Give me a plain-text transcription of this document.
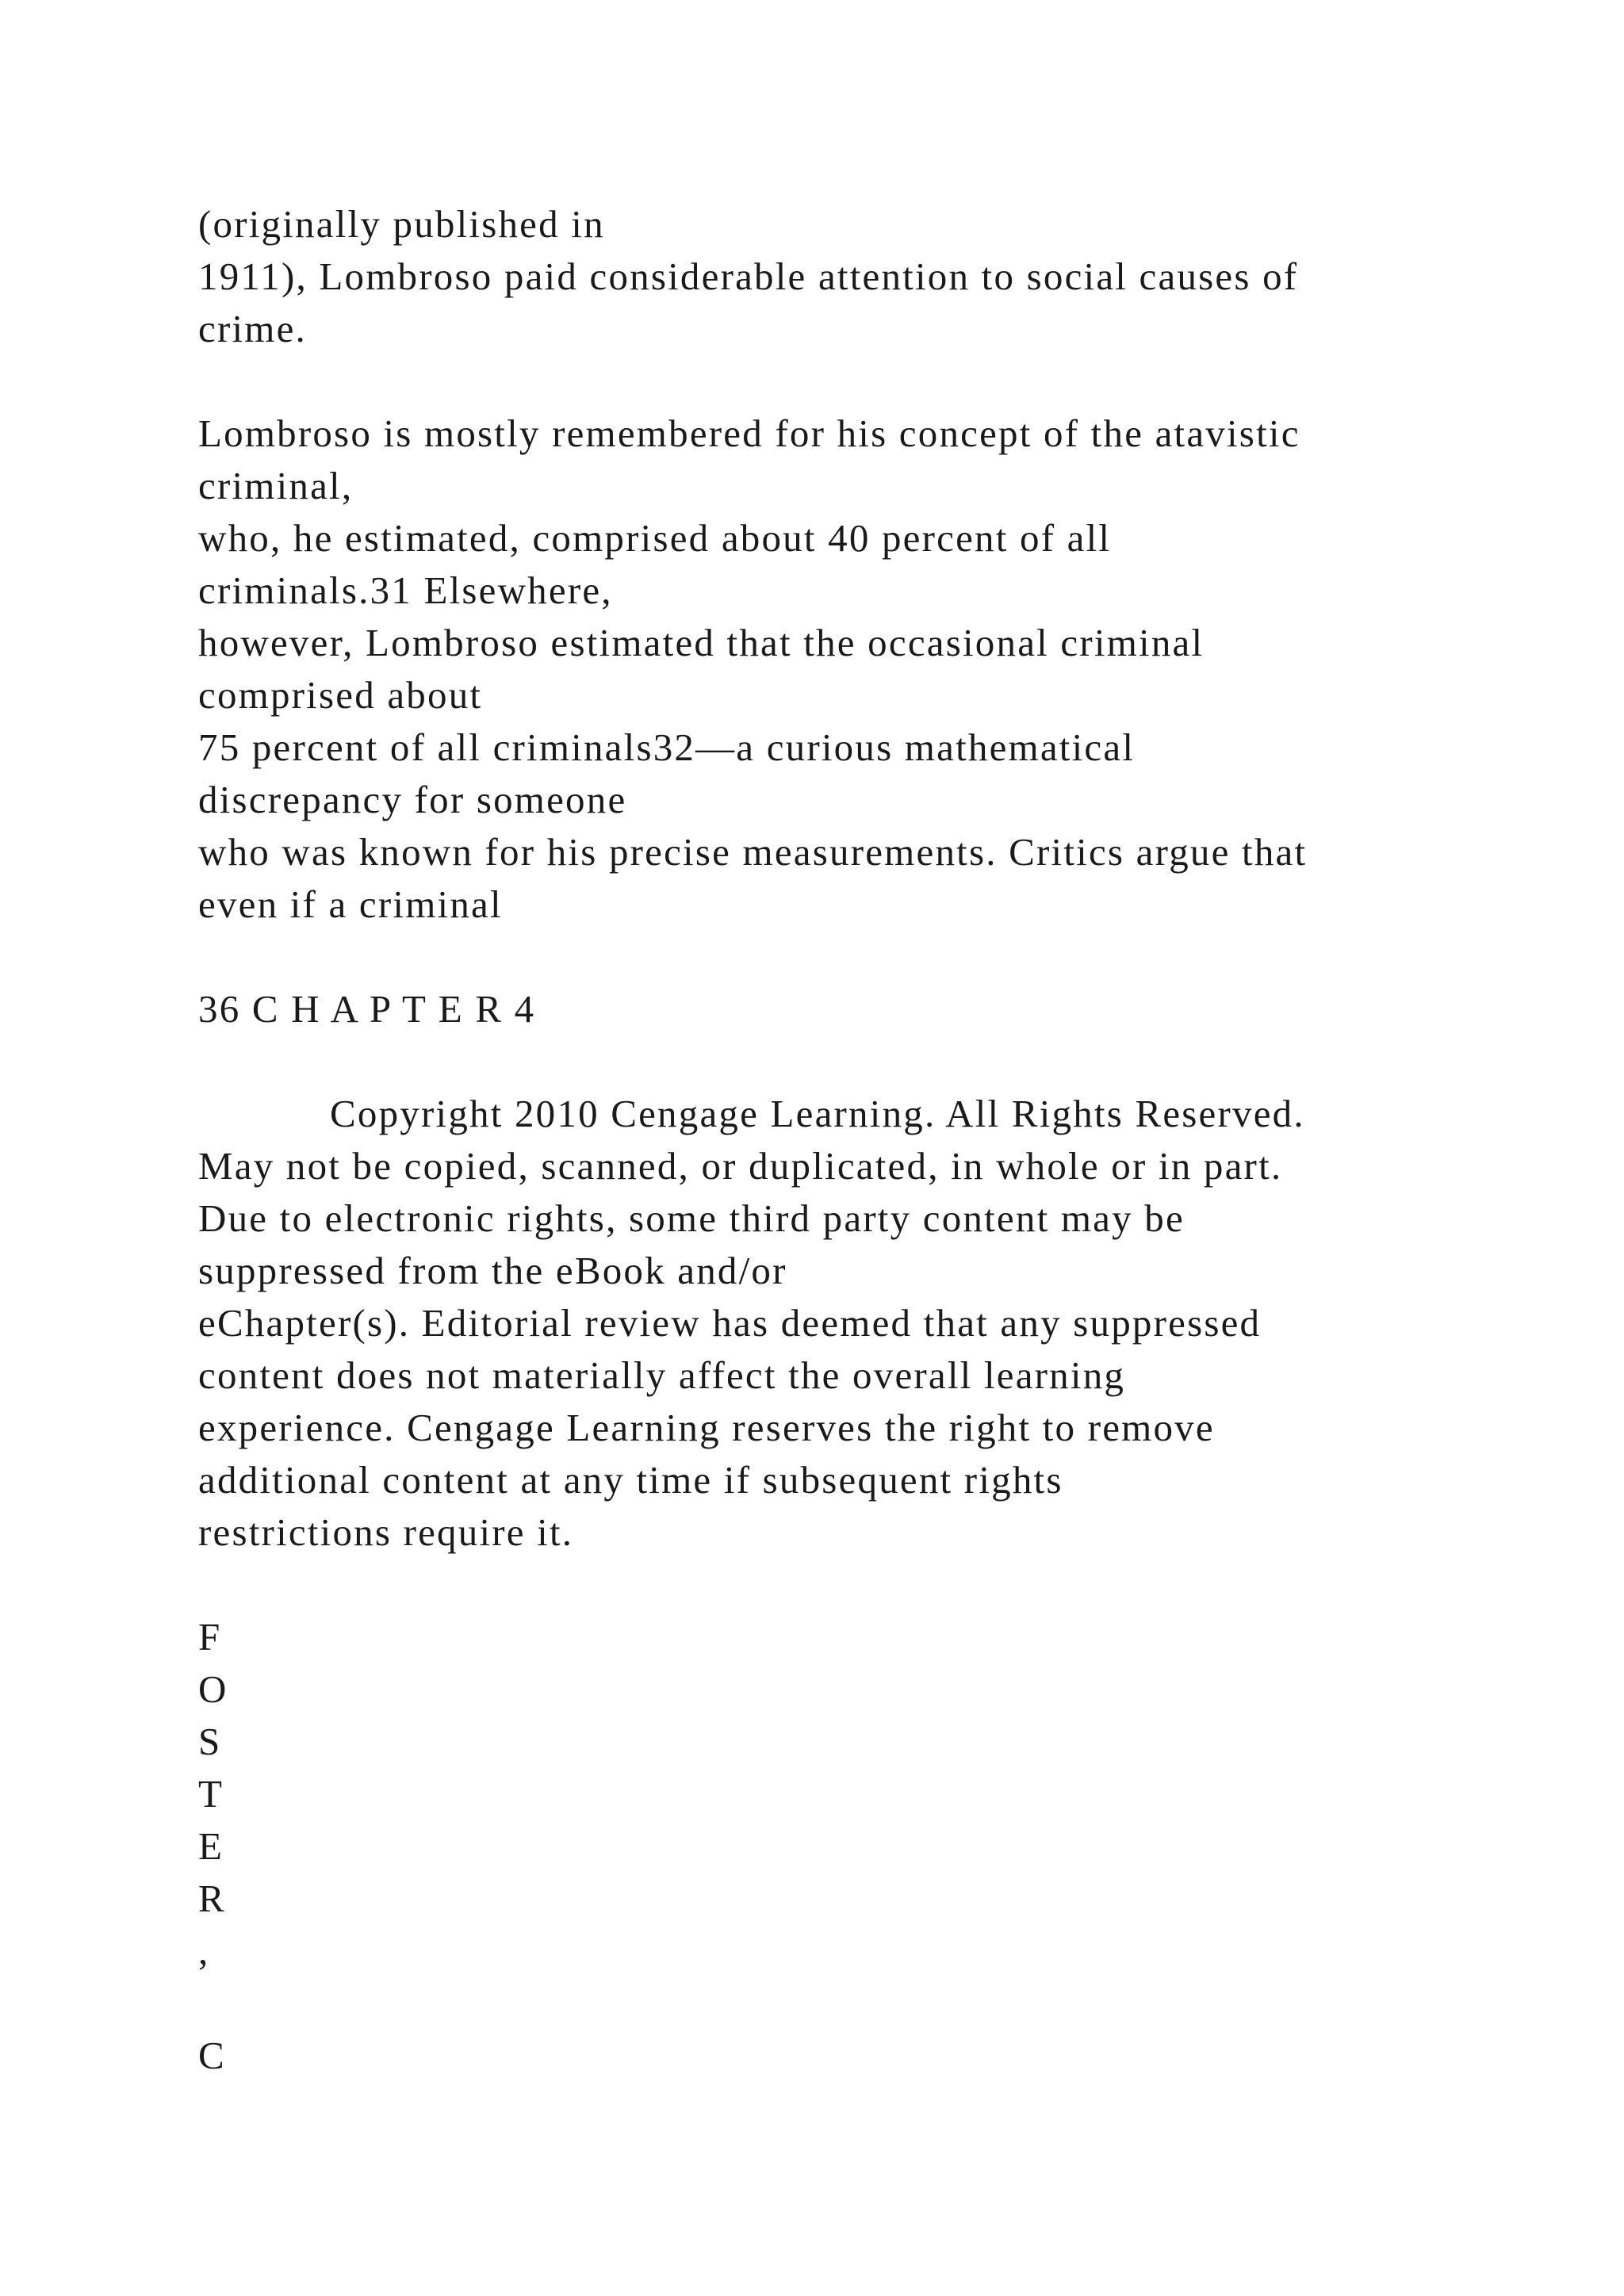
(originally published in
1911), Lombroso paid considerable attention to social causes of
crime.
Lombroso is mostly remembered for his concept of the atavistic
criminal,
who, he estimated, comprised about 40 percent of all
criminals.31 Elsewhere,
however, Lombroso estimated that the occasional criminal
comprised about
75 percent of all criminals32—a curious mathematical
discrepancy for someone
who was known for his precise measurements. Critics argue that
even if a criminal
36 C H A P T E R 4
Copyright 2010 Cengage Learning. All Rights Reserved.
May not be copied, scanned, or duplicated, in whole or in part.
Due to electronic rights, some third party content may be
suppressed from the eBook and/or
eChapter(s). Editorial review has deemed that any suppressed
content does not materially affect the overall learning
experience. Cengage Learning reserves the right to remove
additional content at any time if subsequent rights
restrictions require it.
F
O
S
T
E
R
,
C
